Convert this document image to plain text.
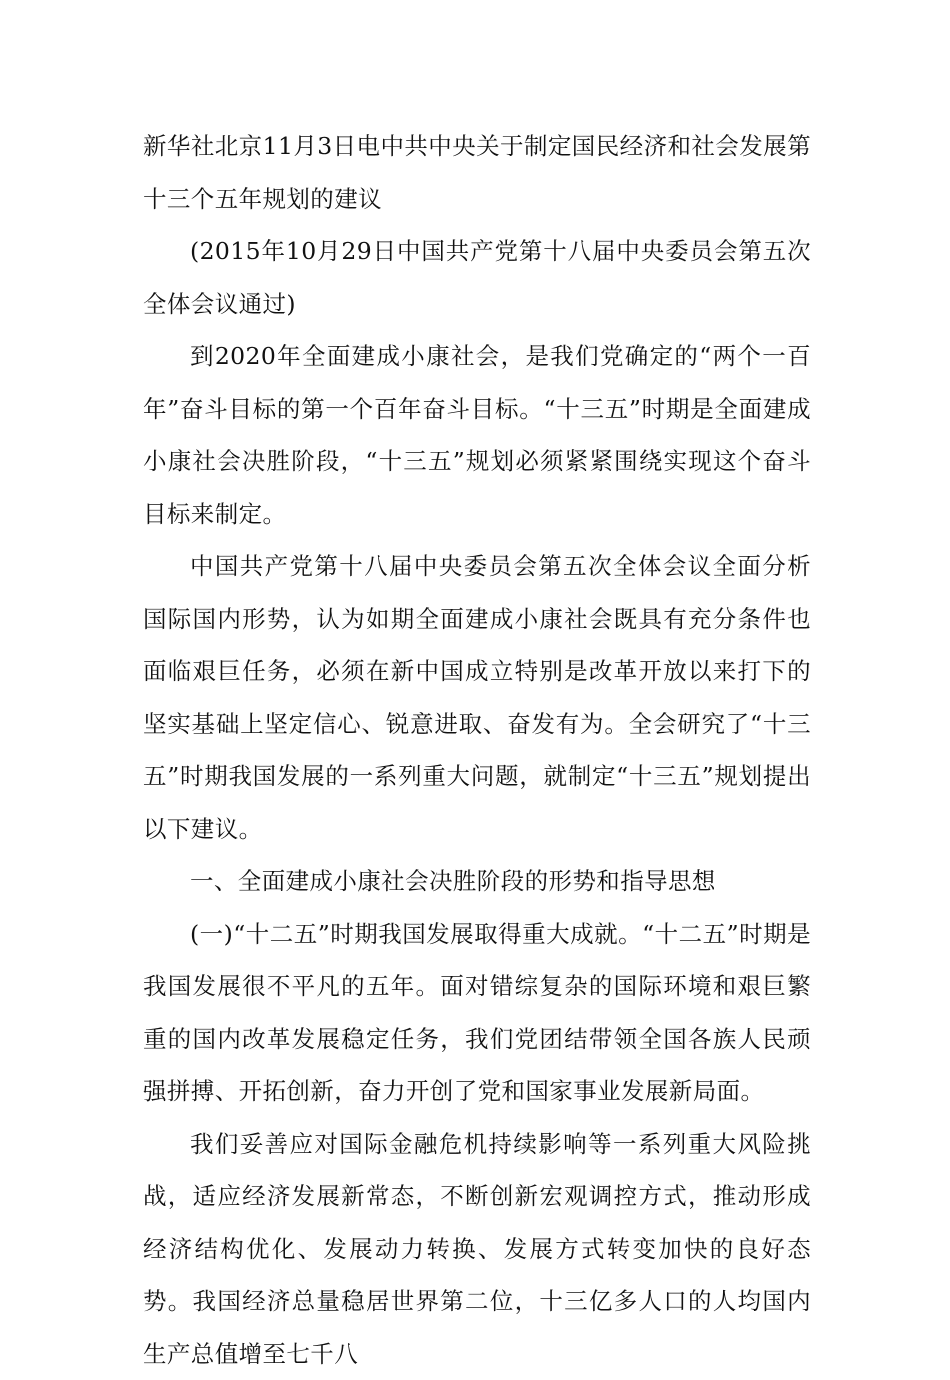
新华社北京11月3日电中共中央关于制定国民经济和社会发展第十三个五年规划的建议

(2015年10月29日中国共产党第十八届中央委员会第五次全体会议通过)

到2020年全面建成小康社会，是我们党确定的“两个一百年”奋斗目标的第一个百年奋斗目标。“十三五”时期是全面建成小康社会决胜阶段，“十三五”规划必须紧紧围绕实现这个奋斗目标来制定。

中国共产党第十八届中央委员会第五次全体会议全面分析国际国内形势，认为如期全面建成小康社会既具有充分条件也面临艰巨任务，必须在新中国成立特别是改革开放以来打下的坚实基础上坚定信心、锐意进取、奋发有为。全会研究了“十三五”时期我国发展的一系列重大问题，就制定“十三五”规划提出以下建议。

一、全面建成小康社会决胜阶段的形势和指导思想

(一)“十二五”时期我国发展取得重大成就。“十二五”时期是我国发展很不平凡的五年。面对错综复杂的国际环境和艰巨繁重的国内改革发展稳定任务，我们党团结带领全国各族人民顽强拼搏、开拓创新，奋力开创了党和国家事业发展新局面。

我们妥善应对国际金融危机持续影响等一系列重大风险挑战，适应经济发展新常态，不断创新宏观调控方式，推动形成经济结构优化、发展动力转换、发展方式转变加快的良好态势。我国经济总量稳居世界第二位，十三亿多人口的人均国内生产总值增至七千八
